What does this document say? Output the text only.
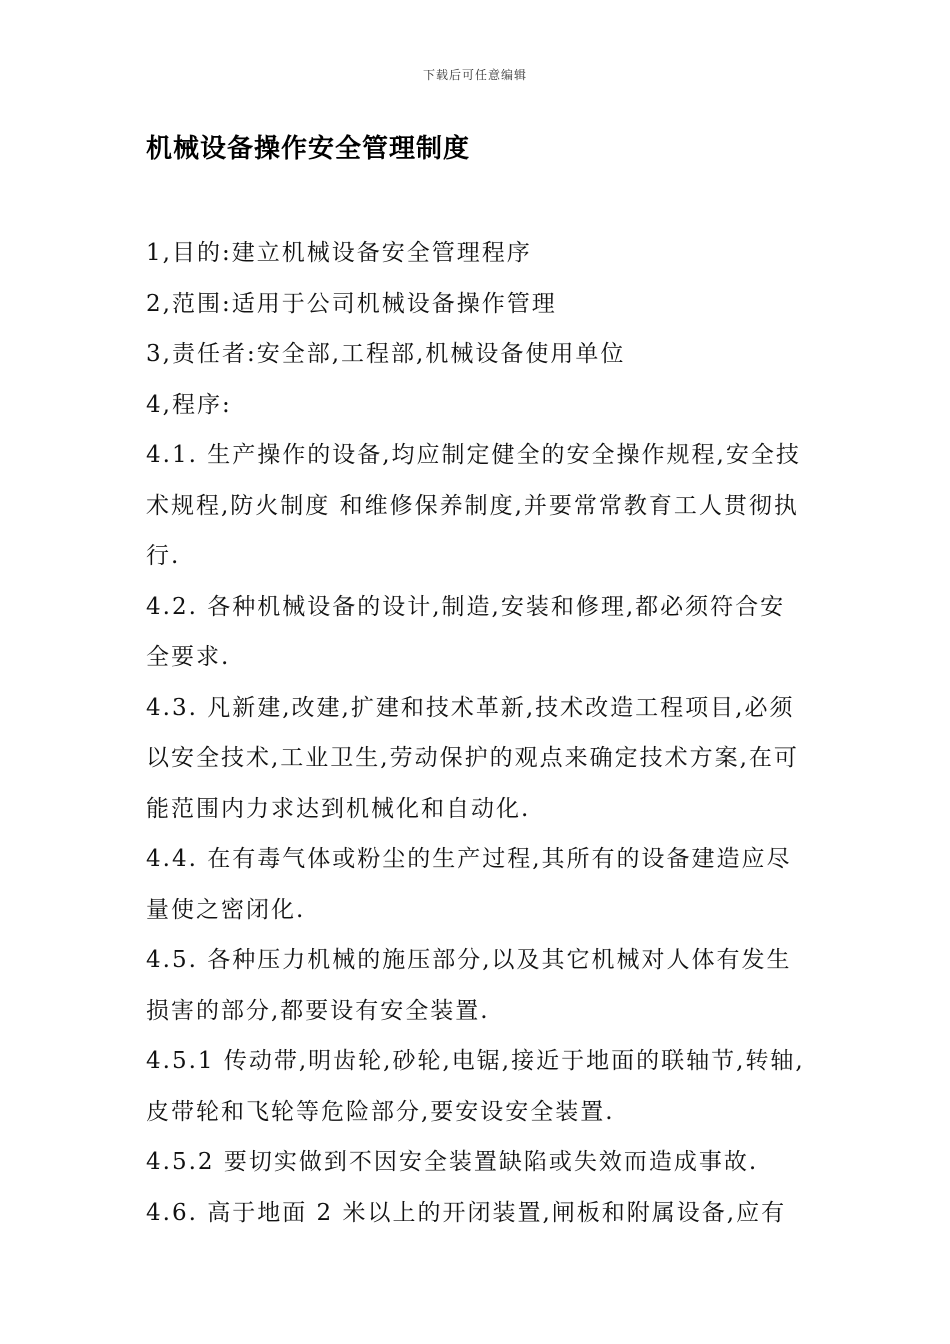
下载后可任意编辑
机械设备操作安全管理制度

1,目的:建立机械设备安全管理程序

2,范围:适用于公司机械设备操作管理

3,责任者:安全部,工程部,机械设备使用单位

4,程序:

4.1. 生产操作的设备,均应制定健全的安全操作规程,安全技术规程,防火制度 和维修保养制度,并要常常教育工人贯彻执行.

4.2. 各种机械设备的设计,制造,安装和修理,都必须符合安全要求.

4.3. 凡新建,改建,扩建和技术革新,技术改造工程项目,必须以安全技术,工业卫生,劳动保护的观点来确定技术方案,在可能范围内力求达到机械化和自动化.

4.4. 在有毒气体或粉尘的生产过程,其所有的设备建造应尽量使之密闭化.

4.5. 各种压力机械的施压部分,以及其它机械对人体有发生损害的部分,都要设有安全装置.

4.5.1 传动带,明齿轮,砂轮,电锯,接近于地面的联轴节,转轴,皮带轮和飞轮等危险部分,要安设安全装置.

4.5.2 要切实做到不因安全装置缺陷或失效而造成事故.

4.6. 高于地面 2 米以上的开闭装置,闸板和附属设备,应有
